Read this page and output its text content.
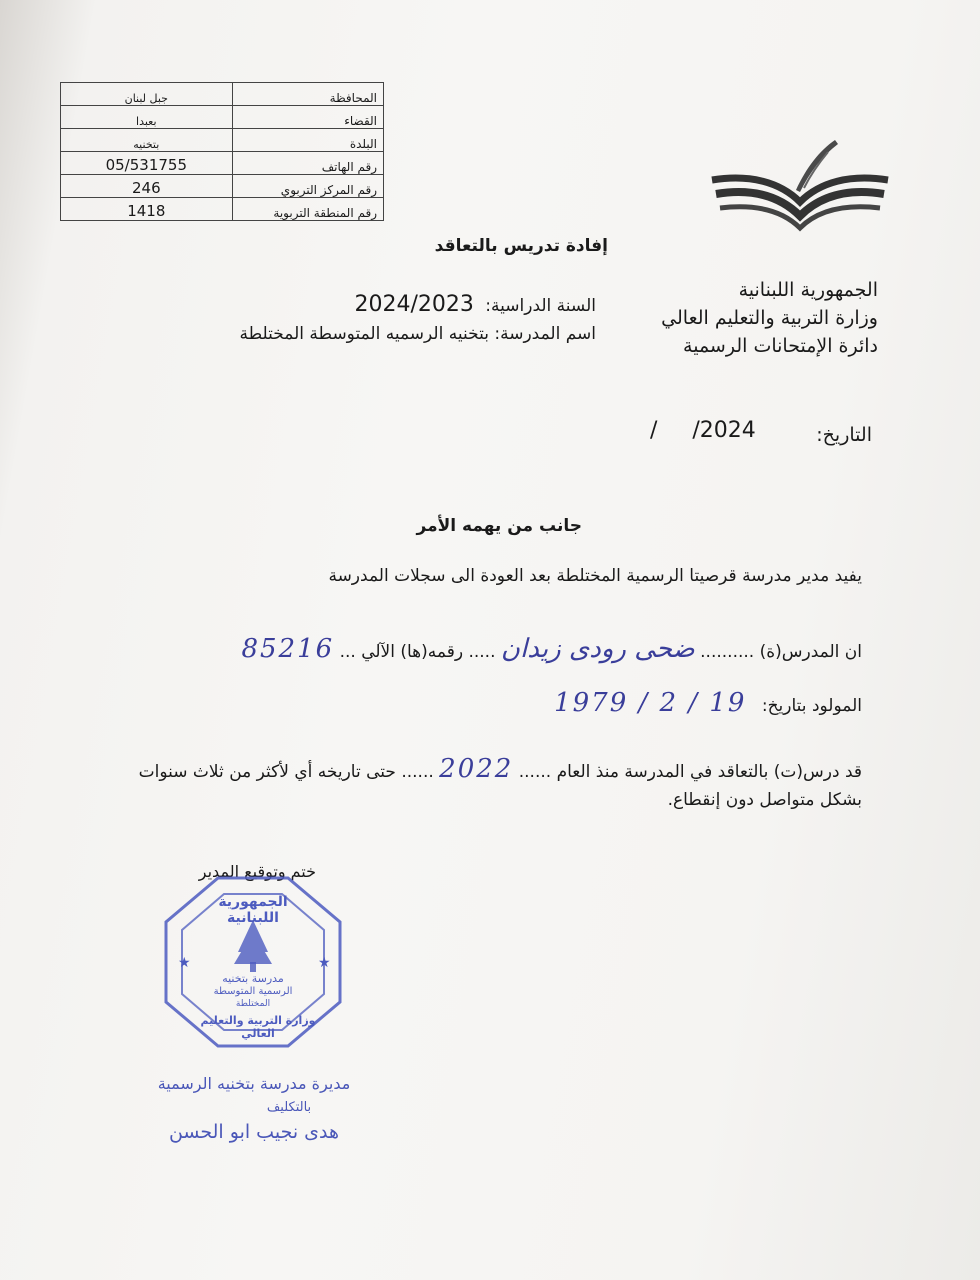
جبل لبنان	المحافظة
بعبدا	القضاء
بتخنيه	البلدة
05/531755	رقم الهاتف
246	رقم المركز التربوي
1418	رقم المنطقة التربوية
إفادة تدريس بالتعاقد
الجمهورية اللبنانية
وزارة التربية والتعليم العالي
دائرة الإمتحانات الرسمية
السنة الدراسية: 2024/2023
اسم المدرسة: بتخنيه الرسميه المتوسطة المختلطة
التاريخ:
/     /2024
جانب من يهمه الأمر
يفيد مدير مدرسة قرصيتا الرسمية المختلطة بعد العودة الى سجلات المدرسة
ان المدرس(ة) .......... ضحى رودى زيدان ..... رقمه(ها) الآلي ... 85216
المولود بتاريخ: 1979 / 2 / 19
قد درس(ت) بالتعاقد في المدرسة منذ العام ...... 2022 ...... حتى تاريخه أي لأكثر من ثلاث سنوات
بشكل متواصل دون إنقطاع.
ختم وتوقيع المدير
★	★
الجمهورية اللبنانية
مدرسة بتخنيه
الرسمية المتوسطة
المختلطة
وزارة التربية والتعليم العالي
مديرة مدرسة بتخنيه الرسمية
بالتكليف
هدى نجيب ابو الحسن
